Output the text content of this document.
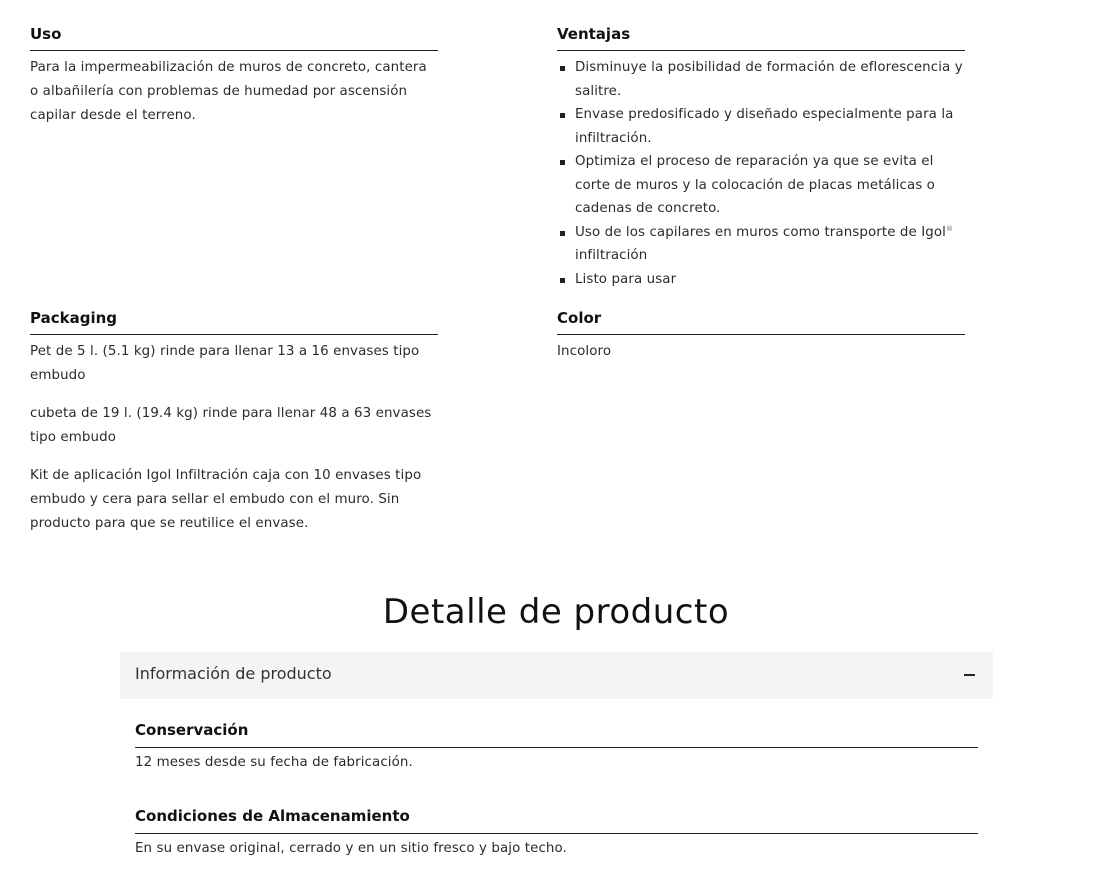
Uso

Para la impermeabilización de muros de concreto, cantera o albañilería con problemas de humedad por ascensión capilar desde el terreno.

Ventajas
Disminuye la posibilidad de formación de eflorescencia y salitre.
Envase predosificado y diseñado especialmente para la infiltración.
Optimiza el proceso de reparación ya que se evita el corte de muros y la colocación de placas metálicas o cadenas de concreto.
Uso de los capilares en muros como transporte de Igol® infiltración
Listo para usar
Packaging

Pet de 5 l. (5.1 kg) rinde para llenar 13 a 16 envases tipo embudo

cubeta de 19 l. (19.4 kg) rinde para llenar 48 a 63 envases tipo embudo

Kit de aplicación Igol Infiltración caja con 10 envases tipo embudo y cera para sellar el embudo con el muro. Sin producto para que se reutilice el envase.

Color

Incoloro

Detalle de producto
Información de producto
Conservación

12 meses desde su fecha de fabricación.

Condiciones de Almacenamiento

En su envase original, cerrado y en un sitio fresco y bajo techo.
